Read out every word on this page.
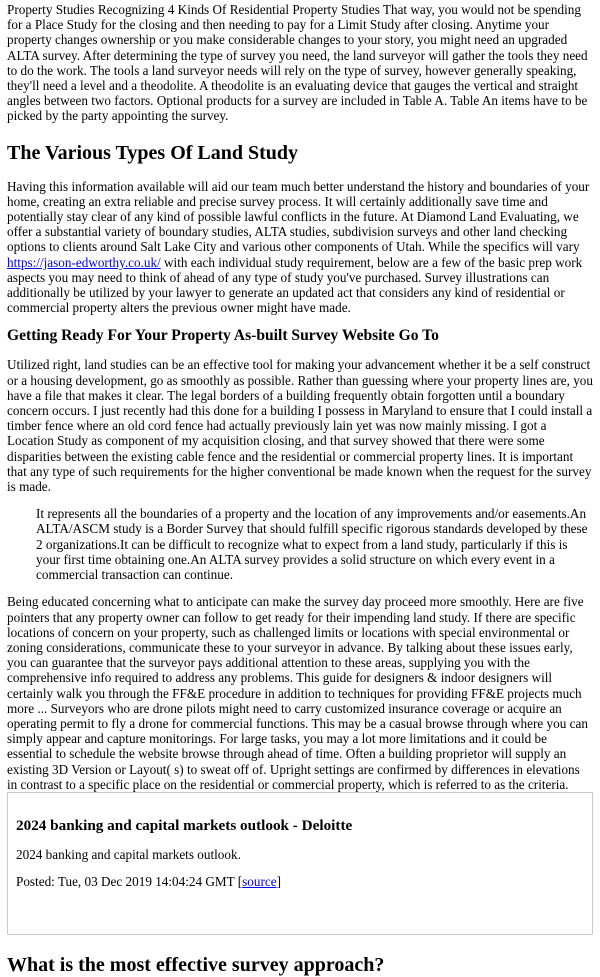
Property Studies Recognizing 4 Kinds Of Residential Property Studies That way, you would not be spending for a Place Study for the closing and then needing to pay for a Limit Study after closing. Anytime your property changes ownership or you make considerable changes to your story, you might need an upgraded ALTA survey. After determining the type of survey you need, the land surveyor will gather the tools they need to do the work. The tools a land surveyor needs will rely on the type of survey, however generally speaking, they'll need a level and a theodolite. A theodolite is an evaluating device that gauges the vertical and straight angles between two factors. Optional products for a survey are included in Table A. Table An items have to be picked by the party appointing the survey.

The Various Types Of Land Study

Having this information available will aid our team much better understand the history and boundaries of your home, creating an extra reliable and precise survey process. It will certainly additionally save time and potentially stay clear of any kind of possible lawful conflicts in the future. At Diamond Land Evaluating, we offer a substantial variety of boundary studies, ALTA studies, subdivision surveys and other land checking options to clients around Salt Lake City and various other components of Utah. While the specifics will vary https://jason-edworthy.co.uk/ with each individual study requirement, below are a few of the basic prep work aspects you may need to think of ahead of any type of study you've purchased. Survey illustrations can additionally be utilized by your lawyer to generate an updated act that considers any kind of residential or commercial property alters the previous owner might have made.

Getting Ready For Your Property As-built Survey Website Go To

Utilized right, land studies can be an effective tool for making your advancement whether it be a self construct or a housing development, go as smoothly as possible. Rather than guessing where your property lines are, you have a file that makes it clear. The legal borders of a building frequently obtain forgotten until a boundary concern occurs. I just recently had this done for a building I possess in Maryland to ensure that I could install a timber fence where an old cord fence had actually previously lain yet was now mainly missing. I got a Location Study as component of my acquisition closing, and that survey showed that there were some disparities between the existing cable fence and the residential or commercial property lines. It is important that any type of such requirements for the higher conventional be made known when the request for the survey is made.

It represents all the boundaries of a property and the location of any improvements and/or easements.An ALTA/ASCM study is a Border Survey that should fulfill specific rigorous standards developed by these 2 organizations.It can be difficult to recognize what to expect from a land study, particularly if this is your first time obtaining one.An ALTA survey provides a solid structure on which every event in a commercial transaction can continue.

Being educated concerning what to anticipate can make the survey day proceed more smoothly. Here are five pointers that any property owner can follow to get ready for their impending land study. If there are specific locations of concern on your property, such as challenged limits or locations with special environmental or zoning considerations, communicate these to your surveyor in advance. By talking about these issues early, you can guarantee that the surveyor pays additional attention to these areas, supplying you with the comprehensive info required to address any problems. This guide for designers & indoor designers will certainly walk you through the FF&E procedure in addition to techniques for providing FF&E projects much more ... Surveyors who are drone pilots might need to carry customized insurance coverage or acquire an operating permit to fly a drone for commercial functions. This may be a casual browse through where you can simply appear and capture monitorings. For large tasks, you may a lot more limitations and it could be essential to schedule the website browse through ahead of time. Often a building proprietor will supply an existing 3D Version or Layout( s) to sweat off of. Upright settings are confirmed by differences in elevations in contrast to a specific place on the residential or commercial property, which is referred to as the criteria.

2024 banking and capital markets outlook - Deloitte

2024 banking and capital markets outlook.

Posted: Tue, 03 Dec 2019 14:04:24 GMT [source]

What is the most effective survey approach?
